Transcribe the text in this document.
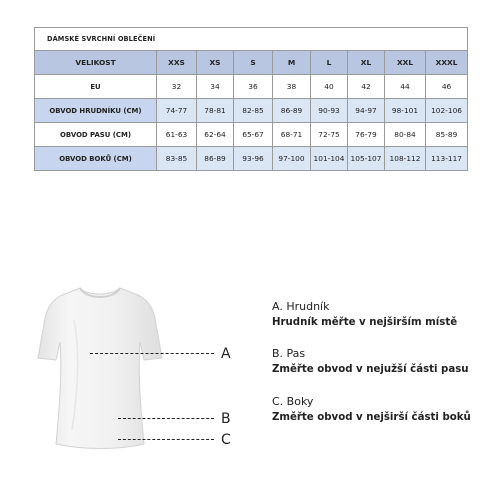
DÁMSKÉ SVRCHNÍ OBLEČENÍ								
VELIKOST	XXS	XS	S	M	L	XL	XXL	XXXL
EU	32	34	36	38	40	42	44	46
OBVOD HRUDNÍKU (CM)	74-77	78-81	82-85	86-89	90-93	94-97	98-101	102-106
OBVOD PASU (CM)	61-63	62-64	65-67	68-71	72-75	76-79	80-84	85-89
OBVOD BOKŮ (CM)	83-85	86-89	93-96	97-100	101-104	105-107	108-112	113-117
A
B
C
A. Hrudník
Hrudník měřte v nejširším místě
B. Pas
Změřte obvod v nejužší části pasu
C. Boky
Změřte obvod v nejširší části boků
